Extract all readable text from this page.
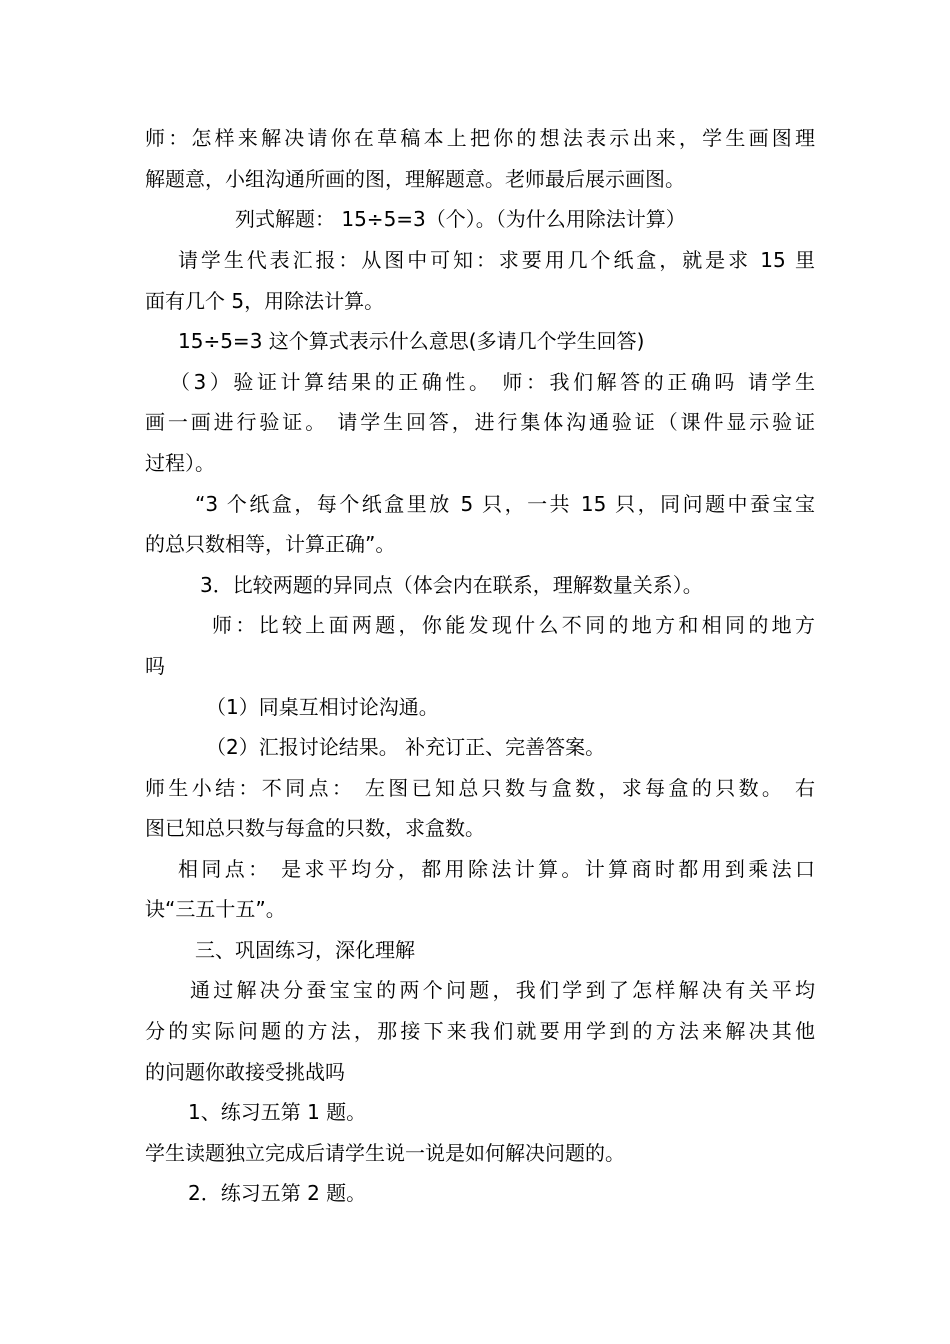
师：怎样来解决请你在草稿本上把你的想法表示出来，学生画图理
解题意，小组沟通所画的图，理解题意。老师最后展示画图。
列式解题： 15÷5=3（个）。（为什么用除法计算）
请学生代表汇报：从图中可知：求要用几个纸盒，就是求 15 里
面有几个 5，用除法计算。
15÷5=3 这个算式表示什么意思(多请几个学生回答)
（3）验证计算结果的正确性。 师：我们解答的正确吗 请学生
画一画进行验证。 请学生回答，进行集体沟通验证（课件显示验证
过程）。
“3 个纸盒，每个纸盒里放 5 只，一共 15 只，同问题中蚕宝宝
的总只数相等，计算正确”。
3．比较两题的异同点（体会内在联系，理解数量关系）。
师：比较上面两题，你能发现什么不同的地方和相同的地方
吗
（1）同桌互相讨论沟通。
（2）汇报讨论结果。 补充订正、完善答案。
师生小结：不同点： 左图已知总只数与盒数，求每盒的只数。 右
图已知总只数与每盒的只数，求盒数。
相同点： 是求平均分，都用除法计算。计算商时都用到乘法口
诀“三五十五”。
三、巩固练习，深化理解
通过解决分蚕宝宝的两个问题，我们学到了怎样解决有关平均
分的实际问题的方法，那接下来我们就要用学到的方法来解决其他
的问题你敢接受挑战吗
1、练习五第 1 题。
学生读题独立完成后请学生说一说是如何解决问题的。
2．练习五第 2 题。
